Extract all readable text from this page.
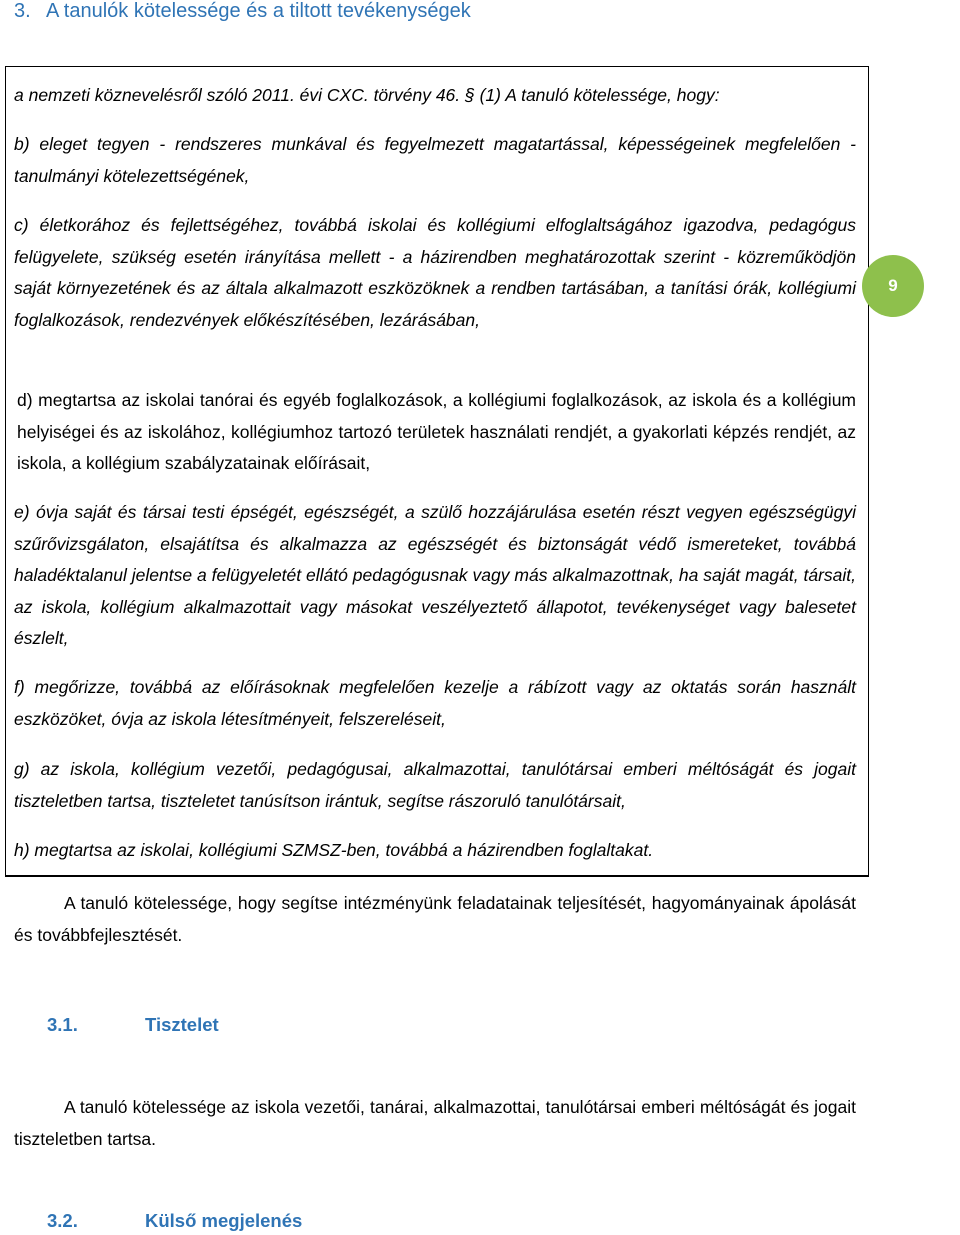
3. A tanulók kötelessége és a tiltott tevékenységek

a nemzeti köznevelésről szóló 2011. évi CXC. törvény 46. § (1) A tanuló kötelessége, hogy:

b) eleget tegyen - rendszeres munkával és fegyelmezett magatartással, képességeinek megfelelően - tanulmányi kötelezettségének,

c) életkorához és fejlettségéhez, továbbá iskolai és kollégiumi elfoglaltságához igazodva, pedagógus felügyelete, szükség esetén irányítása mellett - a házirendben meghatározottak szerint - közreműködjön saját környezetének és az általa alkalmazott eszközöknek a rendben tartásában, a tanítási órák, kollégiumi foglalkozások, rendezvények előkészítésében, lezárásában,

d) megtartsa az iskolai tanórai és egyéb foglalkozások, a kollégiumi foglalkozások, az iskola és a kollégium helyiségei és az iskolához, kollégiumhoz tartozó területek használati rendjét, a gyakorlati képzés rendjét, az iskola, a kollégium szabályzatainak előírásait,

e) óvja saját és társai testi épségét, egészségét, a szülő hozzájárulása esetén részt vegyen egészségügyi szűrővizsgálaton, elsajátítsa és alkalmazza az egészségét és biztonságát védő ismereteket, továbbá haladéktalanul jelentse a felügyeletét ellátó pedagógusnak vagy más alkalmazottnak, ha saját magát, társait, az iskola, kollégium alkalmazottait vagy másokat veszélyeztető állapotot, tevékenységet vagy balesetet észlelt,

f) megőrizze, továbbá az előírásoknak megfelelően kezelje a rábízott vagy az oktatás során használt eszközöket, óvja az iskola létesítményeit, felszereléseit,

g) az iskola, kollégium vezetői, pedagógusai, alkalmazottai, tanulótársai emberi méltóságát és jogait tiszteletben tartsa, tiszteletet tanúsítson irántuk, segítse rászoruló tanulótársait,

h) megtartsa az iskolai, kollégiumi SZMSZ-ben, továbbá a házirendben foglaltakat.

9

A tanuló kötelessége, hogy segítse intézményünk feladatainak teljesítését, hagyományainak ápolását és továbbfejlesztését.

3.1.	Tisztelet

A tanuló kötelessége az iskola vezetői, tanárai, alkalmazottai, tanulótársai emberi méltóságát és jogait tiszteletben tartsa.

3.2.	Külső megjelenés
